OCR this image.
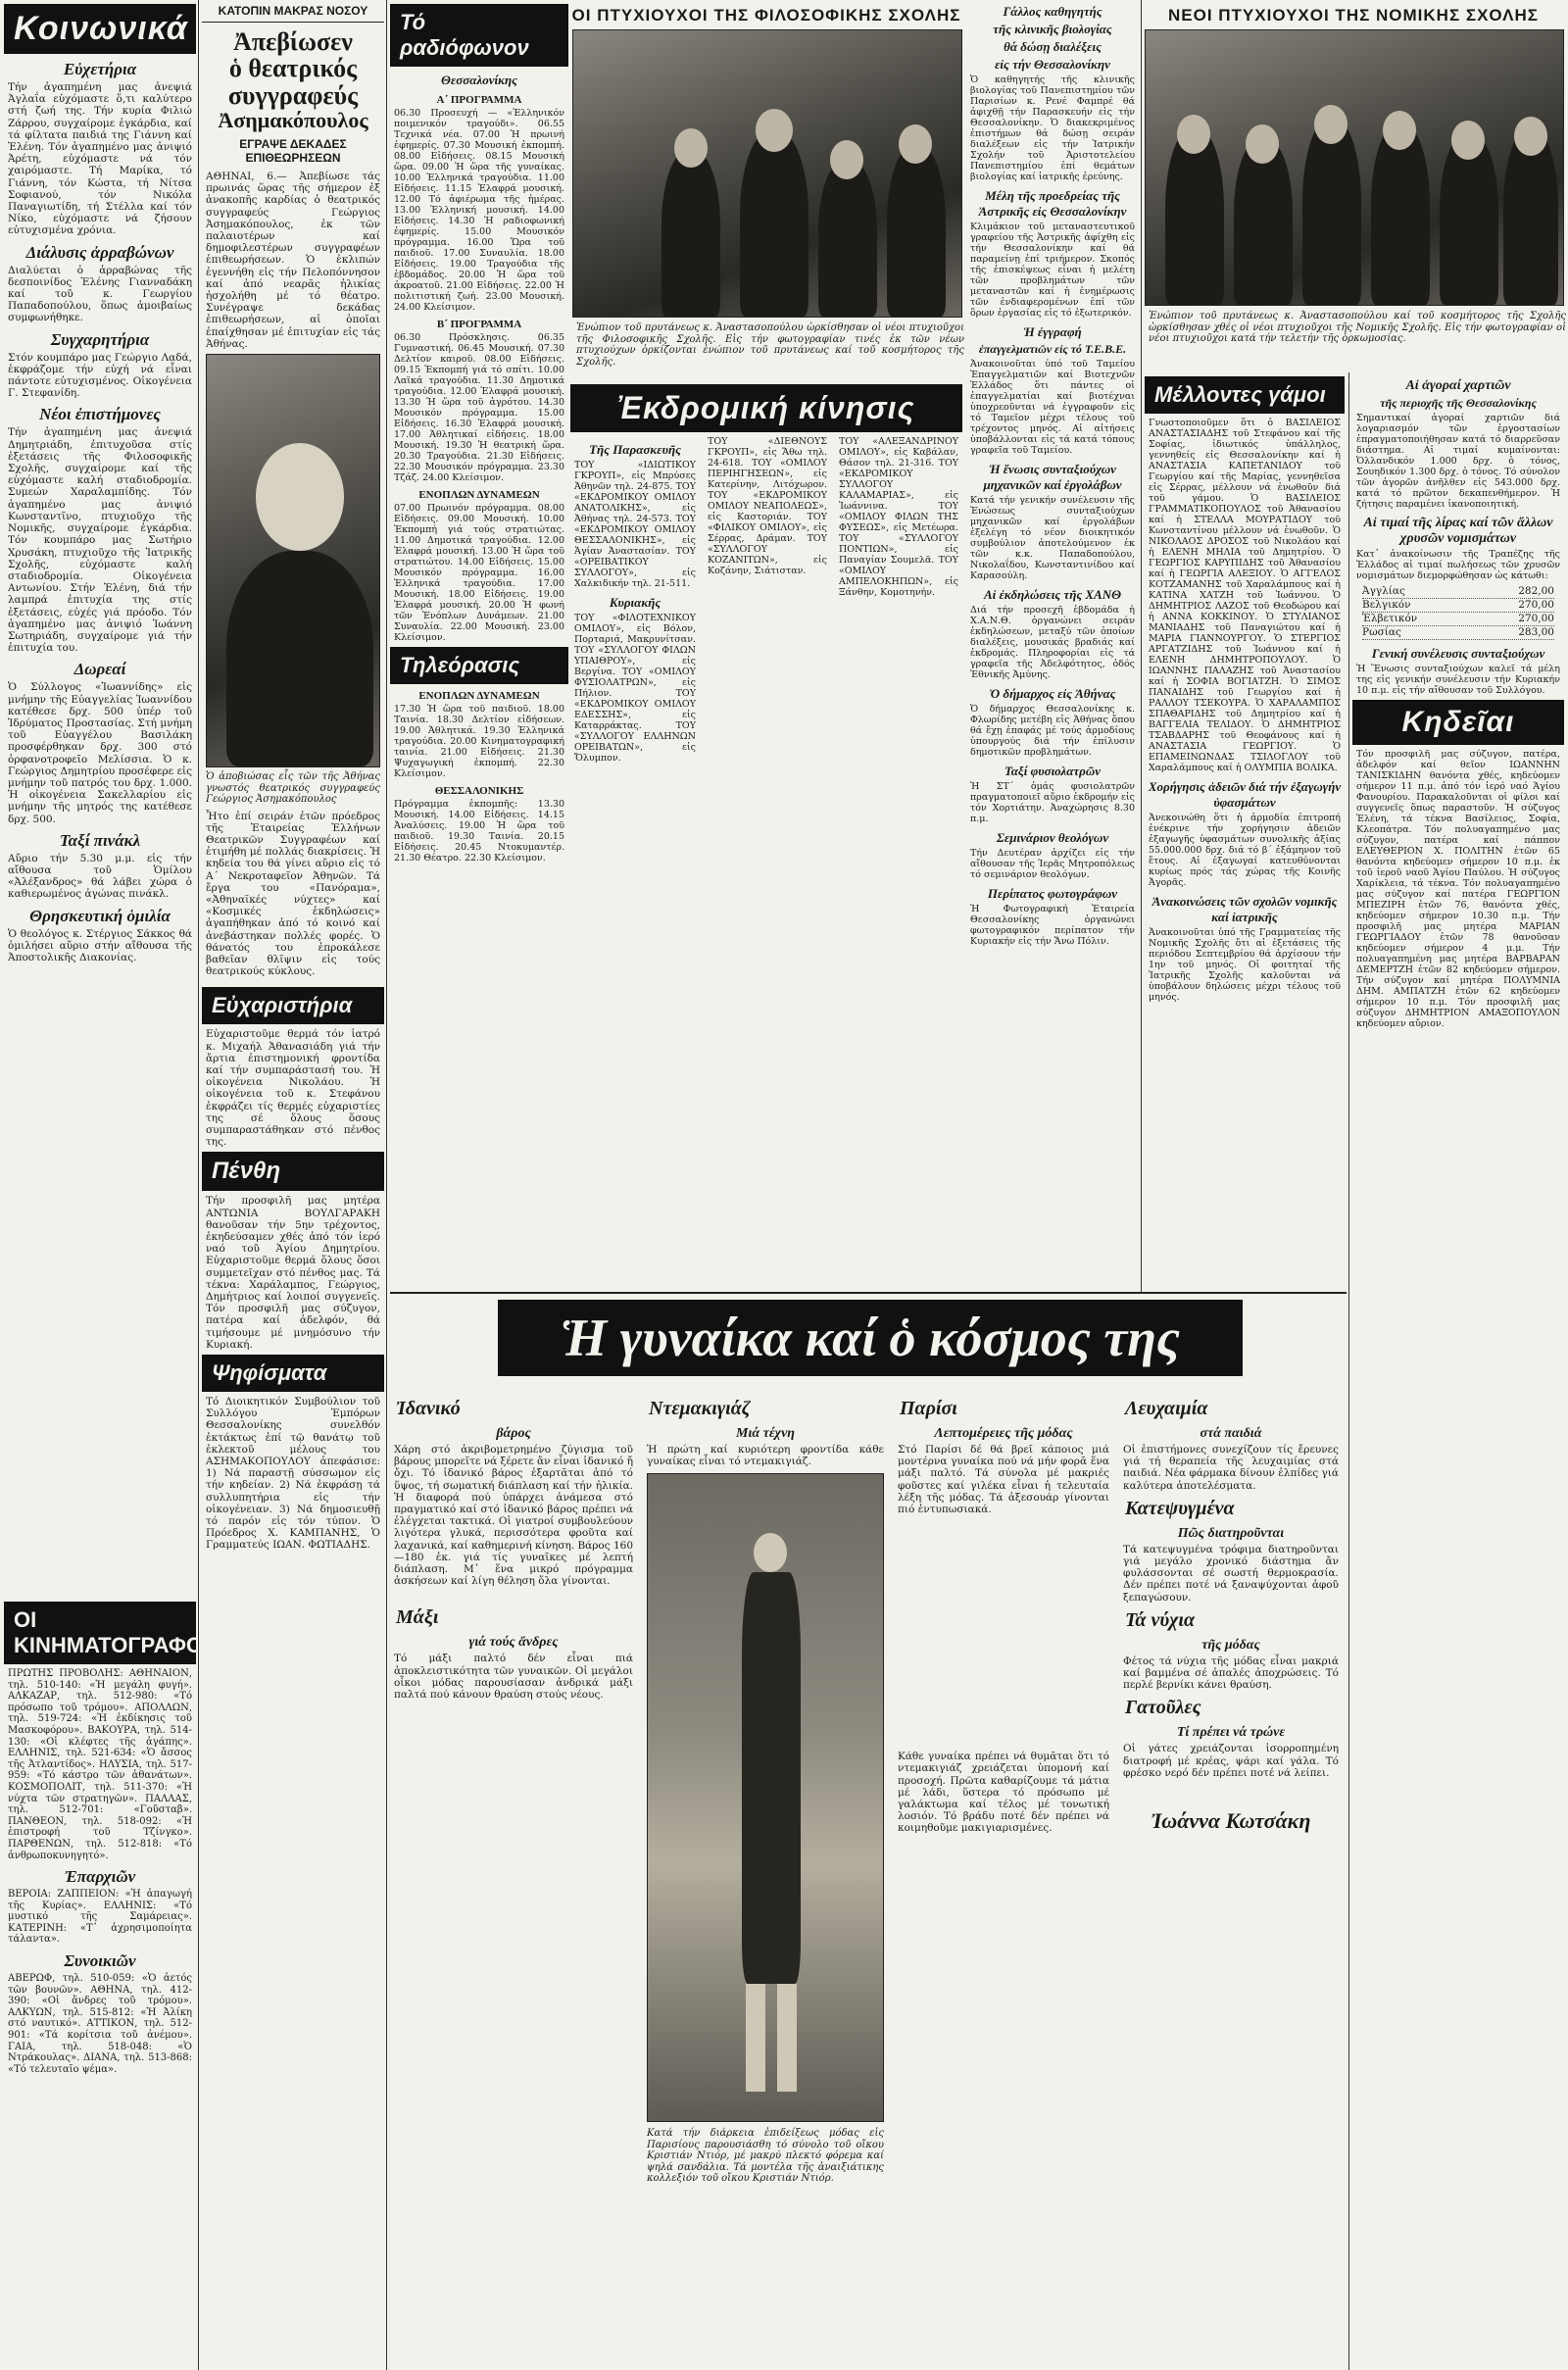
Κοινωνικά
Εὐχετήρια
Τήν ἀγαπημένη μας ἀνεψιά Ἀγλαΐα εὐχόμαστε ὅ,τι καλύτερο στή ζωή της. Τήν κυρία Φιλιώ Ζάρρου, συγχαίρομε ἐγκάρδια, καί τά φίλτατα παιδιά της Γιάννη καί Ἐλένη. Τόν ἀγαπημένο μας ἀνιψιό Ἀρέτη, εὐχόμαστε νά τόν χαιρόμαστε. Τή Μαρίκα, τό Γιάννη, τόν Κώστα, τή Νίτσα Σοφιανού, τόν Νικόλα Παναγιωτίδη, τή Στέλλα καί τόν Νίκο, εὐχόμαστε νά ζήσουν εὐτυχισμένα χρόνια.
Διάλυσις ἀρραβώνων
Διαλύεται ὁ ἀρραβώνας τῆς δεσποινίδος Ἐλένης Γιανναδάκη καί τοῦ κ. Γεωργίου Παπαδοπούλου, ὅπως ἀμοιβαίως συμφωνήθηκε.
Συγχαρητήρια
Στόν κουμπάρο μας Γεώργιο Λαδά, ἐκφράζομε τήν εὐχή νά εἶναι πάντοτε εὐτυχισμένος. Οἰκογένεια Γ. Στεφανίδη.
Νέοι ἐπιστήμονες
Τήν ἀγαπημένη μας ἀνεψιά Δημητριάδη, ἐπιτυχοῦσα στίς ἐξετάσεις τῆς Φιλοσοφικῆς Σχολῆς, συγχαίρομε καί τῆς εὐχόμαστε καλή σταδιοδρομία. Συμεών Χαραλαμπίδης. Τόν ἀγαπημένο μας ἀνιψιό Κωνσταντῖνο, πτυχιοῦχο τῆς Νομικῆς, συγχαίρομε ἐγκάρδια. Τόν κουμπάρο μας Σωτήριο Χρυσάκη, πτυχιοῦχο τῆς Ἰατρικῆς Σχολῆς, εὐχόμαστε καλή σταδιοδρομία. Οἰκογένεια Αντωνίου. Στήν Ἐλένη, διά τήν λαμπρά ἐπιτυχία της στίς ἐξετάσεις, εὐχές γιά πρόοδο. Τόν ἀγαπημένο μας ἀνιψιό Ἰωάννη Σωτηριάδη, συγχαίρομε γιά τήν ἐπιτυχία του.
Δωρεαί
Ὁ Σύλλογος «Ἰωαννίδης» εἰς μνήμην τῆς Εὐαγγελίας Ἰωαννίδου κατέθεσε δρχ. 500 ὑπέρ τοῦ Ἱδρύματος Προστασίας. Στή μνήμη τοῦ Εὐαγγέλου Βασιλάκη προσφέρθηκαν δρχ. 300 στό ὀρφανοτροφεῖο Μελίσσια. Ὁ κ. Γεώργιος Δημητρίου προσέφερε εἰς μνήμην τοῦ πατρός του δρχ. 1.000. Ἡ οἰκογένεια Σακελλαρίου εἰς μνήμην τῆς μητρός της κατέθεσε δρχ. 500.
Ταξί πινάκλ
Αὔριο τήν 5.30 μ.μ. εἰς τήν αἴθουσα τοῦ Ὁμίλου «Ἀλέξανδρος» θά λάβει χώρα ὁ καθιερωμένος ἀγώνας πινάκλ.
Θρησκευτική ὁμιλία
Ὁ θεολόγος κ. Στέργιος Σάκκος θά ὁμιλήσει αὔριο στήν αἴθουσα τῆς Ἀποστολικῆς Διακονίας.
ΟΙ ΚΙΝΗΜΑΤΟΓΡΑΦΟΙ
ΠΡΩΤΗΣ ΠΡΟΒΟΛΗΣ: ΑΘΗΝΑΙΟΝ, τηλ. 510-140: «Ἡ μεγάλη φυγή». ΑΛΚΑΖΑΡ, τηλ. 512-980: «Τό πρόσωπο τοῦ τρόμου». ΑΠΟΛΛΩΝ, τηλ. 519-724: «Ἡ ἐκδίκησις τοῦ Μασκοφόρου». ΒΑΚΟΥΡΑ, τηλ. 514-130: «Οἱ κλέφτες τῆς ἀγάπης». ΕΛΛΗΝΙΣ, τηλ. 521-634: «Ὁ ἄσσος τῆς Ἀτλαντίδος». ΗΛΥΣΙΑ, τηλ. 517-959: «Τό κάστρο τῶν ἀθανάτων». ΚΟΣΜΟΠΟΛΙΤ, τηλ. 511-370: «Ἡ νύχτα τῶν στρατηγῶν». ΠΑΛΛΑΣ, τηλ. 512-701: «Γοῦσταβ». ΠΑΝΘΕΟΝ, τηλ. 518-092: «Ἡ ἐπιστροφή τοῦ Τζίνγκο». ΠΑΡΘΕΝΩΝ, τηλ. 512-818: «Τό ἀνθρωποκυνηγητό».
Ἐπαρχιῶν
ΒΕΡΟΙΑ: ΖΑΠΠΕΙΟΝ: «Ἡ ἀπαγωγή τῆς Κυρίας». ΕΛΛΗΝΙΣ: «Τό μυστικό τῆς Σαμάρειας». ΚΑΤΕΡΙΝΗ: «Τ᾽ ἀχρησιμοποίητα τάλαντα».
Συνοικιῶν
ΑΒΕΡΩΦ, τηλ. 510-059: «Ὁ ἀετός τῶν βουνῶν». ΑΘΗΝΑ, τηλ. 412-390: «Οἱ ἄνδρες τοῦ τρόμου». ΑΛΚΥΩΝ, τηλ. 515-812: «Ἡ Ἀλίκη στό ναυτικό». ΑΤΤΙΚΟΝ, τηλ. 512-901: «Τά κορίτσια τοῦ ἀνέμου». ΓΑΙΑ, τηλ. 518-048: «Ὁ Ντράκουλας». ΔΙΑΝΑ, τηλ. 513-868: «Τό τελευταῖο ψέμα».
ΚΑΤΟΠΙΝ ΜΑΚΡΑΣ ΝΟΣΟΥ
Ἀπεβίωσεν
ὁ θεατρικός
συγγραφεύς
Ἀσημακόπουλος
ΕΓΡΑΨΕ ΔΕΚΑΔΕΣ ΕΠΙΘΕΩΡΗΣΕΩΝ
ΑΘΗΝΑΙ, 6.— Ἀπεβίωσε τάς πρωινάς ὥρας τῆς σήμερον ἐξ ἀνακοπῆς καρδίας ὁ θεατρικός συγγραφεύς Γεώργιος Ἀσημακόπουλος, ἐκ τῶν παλαιοτέρων καί δημοφιλεστέρων συγγραφέων ἐπιθεωρήσεων. Ὁ ἐκλιπών ἐγεννήθη εἰς τήν Πελοπόννησον καί ἀπό νεαρᾶς ἡλικίας ἠσχολήθη μέ τό θέατρο. Συνέγραψε δεκάδας ἐπιθεωρήσεων, αἱ ὁποῖαι ἐπαίχθησαν μέ ἐπιτυχίαν εἰς τάς Ἀθήνας.
Ὁ ἀποβιώσας εἷς τῶν τῆς Ἀθήνας γνωστός θεατρικός συγγραφεύς Γεώργιος Ἀσημακόπουλος
Ἦτο ἐπί σειράν ἐτῶν πρόεδρος τῆς Ἑταιρείας Ἑλλήνων Θεατρικῶν Συγγραφέων καί ἐτιμήθη μέ πολλάς διακρίσεις. Ἡ κηδεία του θά γίνει αὔριο εἰς τό Α΄ Νεκροταφεῖον Ἀθηνῶν. Τά ἔργα του «Πανόραμα», «Ἀθηναϊκές νύχτες» καί «Κοσμικές ἐκδηλώσεις» ἀγαπήθηκαν ἀπό τό κοινό καί ἀνεβάστηκαν πολλές φορές. Ὁ θάνατός του ἐπροκάλεσε βαθεῖαν θλῖψιν εἰς τούς θεατρικούς κύκλους.
Εὐχαριστήρια
Εὐχαριστοῦμε θερμά τόν ἰατρό κ. Μιχαήλ Ἀθανασιάδη γιά τήν ἄρτια ἐπιστημονική φροντίδα καί τήν συμπαράστασή του. Ἡ οἰκογένεια Νικολάου. Ἡ οἰκογένεια τοῦ κ. Στεφάνου ἐκφράζει τίς θερμές εὐχαριστίες της σέ ὅλους ὅσους συμπαραστάθηκαν στό πένθος της.
Πένθη
Τήν προσφιλῆ μας μητέρα ΑΝΤΩΝΙΑ ΒΟΥΛΓΑΡΑΚΗ θανοῦσαν τήν 5ην τρέχοντος, ἐκηδεύσαμεν χθές ἀπό τόν ἱερό ναό τοῦ Ἁγίου Δημητρίου. Εὐχαριστοῦμε θερμά ὅλους ὅσοι συμμετεῖχαν στό πένθος μας. Τά τέκνα: Χαράλαμπος, Γεώργιος, Δημήτριος καί λοιποί συγγενεῖς. Τόν προσφιλῆ μας σύζυγον, πατέρα καί ἀδελφόν, θά τιμήσουμε μέ μνημόσυνο τήν Κυριακή.
Ψηφίσματα
Τό Διοικητικόν Συμβούλιον τοῦ Συλλόγου Ἐμπόρων Θεσσαλονίκης συνελθόν ἐκτάκτως ἐπί τῷ θανάτῳ τοῦ ἐκλεκτοῦ μέλους του ΑΣΗΜΑΚΟΠΟΥΛΟΥ ἀπεφάσισε: 1) Νά παραστῇ σύσσωμον εἰς τήν κηδείαν. 2) Νά ἐκφράσῃ τά συλλυπητήρια εἰς τήν οἰκογένειαν. 3) Νά δημοσιευθῇ τό παρόν εἰς τόν τύπον. Ὁ Πρόεδρος Χ. ΚΑΜΠΑΝΗΣ, Ὁ Γραμματεύς ΙΩΑΝ. ΦΩΤΙΑΔΗΣ.
Τό ραδιόφωνον
Θεσσαλονίκης
Α΄ ΠΡΟΓΡΑΜΜΑ
06.30 Προσευχή — «Ἑλληνικόν ποιμενικόν τραγούδι». 06.55 Τεχνικά νέα. 07.00 Ἡ πρωινή ἐφημερίς. 07.30 Μουσική ἐκπομπή. 08.00 Εἰδήσεις. 08.15 Μουσική ὥρα. 09.00 Ἡ ὥρα τῆς γυναίκας. 10.00 Ἑλληνικά τραγούδια. 11.00 Εἰδήσεις. 11.15 Ἐλαφρά μουσική. 12.00 Τό ἀφιέρωμα τῆς ἡμέρας. 13.00 Ἑλληνική μουσική. 14.00 Εἰδήσεις. 14.30 Ἡ ραδιοφωνική ἐφημερίς. 15.00 Μουσικόν πρόγραμμα. 16.00 Ὥρα τοῦ παιδιοῦ. 17.00 Συναυλία. 18.00 Εἰδήσεις. 19.00 Τραγούδια τῆς ἑβδομάδος. 20.00 Ἡ ὥρα τοῦ ἀκροατοῦ. 21.00 Εἰδήσεις. 22.00 Ἡ πολιτιστική ζωή. 23.00 Μουσική. 24.00 Κλείσιμον.
Β΄ ΠΡΟΓΡΑΜΜΑ
06.30 Πρόσκλησις. 06.35 Γυμναστική. 06.45 Μουσική. 07.30 Δελτίον καιροῦ. 08.00 Εἰδήσεις. 09.15 Ἐκπομπή γιά τό σπίτι. 10.00 Λαϊκά τραγούδια. 11.30 Δημοτικά τραγούδια. 12.00 Ἐλαφρά μουσική. 13.30 Ἡ ὥρα τοῦ ἀγρότου. 14.30 Μουσικόν πρόγραμμα. 15.00 Εἰδήσεις. 16.30 Ἐλαφρά μουσική. 17.00 Ἀθλητικαί εἰδήσεις. 18.00 Μουσική. 19.30 Ἡ θεατρική ὥρα. 20.30 Τραγούδια. 21.30 Εἰδήσεις. 22.30 Μουσικόν πρόγραμμα. 23.30 Τζάζ. 24.00 Κλείσιμον.
ΕΝΟΠΛΩΝ ΔΥΝΑΜΕΩΝ
07.00 Πρωινόν πρόγραμμα. 08.00 Εἰδήσεις. 09.00 Μουσική. 10.00 Ἐκπομπή γιά τούς στρατιώτας. 11.00 Δημοτικά τραγούδια. 12.00 Ἐλαφρά μουσική. 13.00 Ἡ ὥρα τοῦ στρατιώτου. 14.00 Εἰδήσεις. 15.00 Μουσικόν πρόγραμμα. 16.00 Ἑλληνικά τραγούδια. 17.00 Μουσική. 18.00 Εἰδήσεις. 19.00 Ἐλαφρά μουσική. 20.00 Ἡ φωνή τῶν Ἐνόπλων Δυνάμεων. 21.00 Συναυλία. 22.00 Μουσική. 23.00 Κλείσιμον.
Τηλεόρασις
ΕΝΟΠΛΩΝ ΔΥΝΑΜΕΩΝ
17.30 Ἡ ὥρα τοῦ παιδιοῦ. 18.00 Ταινία. 18.30 Δελτίον εἰδήσεων. 19.00 Ἀθλητικά. 19.30 Ἑλληνικά τραγούδια. 20.00 Κινηματογραφική ταινία. 21.00 Εἰδήσεις. 21.30 Ψυχαγωγική ἐκπομπή. 22.30 Κλείσιμον.
ΘΕΣΣΑΛΟΝΙΚΗΣ
Πρόγραμμα ἐκπομπῆς: 13.30 Μουσική. 14.00 Εἰδήσεις. 14.15 Ἀναλύσεις. 19.00 Ἡ ὥρα τοῦ παιδιοῦ. 19.30 Ταινία. 20.15 Εἰδήσεις. 20.45 Ντοκυμαντέρ. 21.30 Θέατρο. 22.30 Κλείσιμον.
ΟΙ ΠΤΥΧΙΟΥΧΟΙ ΤΗΣ ΦΙΛΟΣΟΦΙΚΗΣ ΣΧΟΛΗΣ
Ἐνώπιον τοῦ πρυτάνεως κ. Ἀναστασοπούλου ὡρκίσθησαν οἱ νέοι πτυχιοῦχοι τῆς Φιλοσοφικῆς Σχολῆς. Εἰς τήν φωτογραφίαν τινές ἐκ τῶν νέων πτυχιούχων ὁρκίζονται ἐνώπιον τοῦ πρυτάνεως καί τοῦ κοσμήτορος τῆς Σχολῆς.
Ἐκδρομική κίνησις
Τῆς Παρασκευῆς
ΤΟΥ «ΙΔΙΩΤΙΚΟΥ ΓΚΡΟΥΠ», εἰς Μπρύσες Ἀθηνῶν τηλ. 24-875. ΤΟΥ «ΕΚΔΡΟΜΙΚΟΥ ΟΜΙΛΟΥ ΑΝΑΤΟΛΙΚΗΣ», εἰς Ἀθήνας τηλ. 24-573. ΤΟΥ «ΕΚΔΡΟΜΙΚΟΥ ΟΜΙΛΟΥ ΘΕΣΣΑΛΟΝΙΚΗΣ», εἰς Ἁγίαν Ἀναστασίαν. ΤΟΥ «ΟΡΕΙΒΑΤΙΚΟΥ ΣΥΛΛΟΓΟΥ», εἰς Χαλκιδικήν τηλ. 21-511.
Κυριακῆς
ΤΟΥ «ΦΙΛΟΤΕΧΝΙΚΟΥ ΟΜΙΛΟΥ», εἰς Βόλον, Πορταριά, Μακρυνίτσαν. ΤΟΥ «ΣΥΛΛΟΓΟΥ ΦΙΛΩΝ ΥΠΑΙΘΡΟΥ», εἰς Βεργίνα. ΤΟΥ «ΟΜΙΛΟΥ ΦΥΣΙΟΛΑΤΡΩΝ», εἰς Πήλιον. ΤΟΥ «ΕΚΔΡΟΜΙΚΟΥ ΟΜΙΛΟΥ ΕΔΕΣΣΗΣ», εἰς Καταρράκτας. ΤΟΥ «ΣΥΛΛΟΓΟΥ ΕΛΛΗΝΩΝ ΟΡΕΙΒΑΤΩΝ», εἰς Ὄλυμπον.
ΤΟΥ «ΔΙΕΘΝΟΥΣ ΓΚΡΟΥΠ», εἰς Ἄθω τηλ. 24-618. ΤΟΥ «ΟΜΙΛΟΥ ΠΕΡΙΗΓΗΣΕΩΝ», εἰς Κατερίνην, Λιτόχωρον. ΤΟΥ «ΕΚΔΡΟΜΙΚΟΥ ΟΜΙΛΟΥ ΝΕΑΠΟΛΕΩΣ», εἰς Καστοριάν. ΤΟΥ «ΦΙΛΙΚΟΥ ΟΜΙΛΟΥ», εἰς Σέρρας, Δράμαν. ΤΟΥ «ΣΥΛΛΟΓΟΥ ΚΟΖΑΝΙΤΩΝ», εἰς Κοζάνην, Σιάτισταν.
ΤΟΥ «ΑΛΕΞΑΝΔΡΙΝΟΥ ΟΜΙΛΟΥ», εἰς Καβάλαν, Θάσον τηλ. 21-316. ΤΟΥ «ΕΚΔΡΟΜΙΚΟΥ ΣΥΛΛΟΓΟΥ ΚΑΛΑΜΑΡΙΑΣ», εἰς Ἰωάννινα. ΤΟΥ «ΟΜΙΛΟΥ ΦΙΛΩΝ ΤΗΣ ΦΥΣΕΩΣ», εἰς Μετέωρα. ΤΟΥ «ΣΥΛΛΟΓΟΥ ΠΟΝΤΙΩΝ», εἰς Παναγίαν Σουμελᾶ. ΤΟΥ «ΟΜΙΛΟΥ ΑΜΠΕΛΟΚΗΠΩΝ», εἰς Ξάνθην, Κομοτηνήν.
Γάλλος καθηγητής
τῆς κλινικῆς βιολογίας
θά δώσῃ διαλέξεις
εἰς τήν Θεσσαλονίκην
Ὁ καθηγητής τῆς κλινικῆς βιολογίας τοῦ Πανεπιστημίου τῶν Παρισίων κ. Ρενέ Φαμπρέ θά ἀφιχθῇ τήν Παρασκευήν εἰς τήν Θεσσαλονίκην. Ὁ διακεκριμένος ἐπιστήμων θά δώσῃ σειράν διαλέξεων εἰς τήν Ἰατρικήν Σχολήν τοῦ Ἀριστοτελείου Πανεπιστημίου ἐπί θεμάτων βιολογίας καί ἰατρικῆς ἐρεύνης.
Μέλη τῆς προεδρείας τῆς Ἀστρικῆς εἰς Θεσσαλονίκην
Κλιμάκιον τοῦ μεταναστευτικοῦ γραφείου τῆς Ἀστρικῆς ἀφίχθη εἰς τήν Θεσσαλονίκην καί θά παραμείνῃ ἐπί τριήμερον. Σκοπός τῆς ἐπισκέψεως εἶναι ἡ μελέτη τῶν προβλημάτων τῶν μεταναστῶν καί ἡ ἐνημέρωσις τῶν ἐνδιαφερομένων ἐπί τῶν ὅρων ἐργασίας εἰς τό ἐξωτερικόν.
Ἡ ἐγγραφή
ἐπαγγελματιῶν εἰς τό Τ.Ε.Β.Ε.
Ἀνακοινοῦται ὑπό τοῦ Ταμείου Ἐπαγγελματιῶν καί Βιοτεχνῶν Ἑλλάδος ὅτι πάντες οἱ ἐπαγγελματίαι καί βιοτέχναι ὑποχρεοῦνται νά ἐγγραφοῦν εἰς τό Ταμεῖον μέχρι τέλους τοῦ τρέχοντος μηνός. Αἱ αἰτήσεις ὑποβάλλονται εἰς τά κατά τόπους γραφεῖα τοῦ Ταμείου.
Ἡ ἔνωσις συνταξιούχων μηχανικῶν καί ἐργολάβων
Κατά τήν γενικήν συνέλευσιν τῆς Ἑνώσεως συνταξιούχων μηχανικῶν καί ἐργολάβων ἐξελέγη τό νέον διοικητικόν συμβούλιον ἀποτελούμενον ἐκ τῶν κ.κ. Παπαδοπούλου, Νικολαΐδου, Κωνσταντινίδου καί Καρασούλη.
Αἱ ἐκδηλώσεις τῆς ΧΑΝΘ
Διά τήν προσεχῆ ἑβδομάδα ἡ Χ.Α.Ν.Θ. ὀργανώνει σειράν ἐκδηλώσεων, μεταξύ τῶν ὁποίων διαλέξεις, μουσικάς βραδιάς καί ἐκδρομάς. Πληροφορίαι εἰς τά γραφεῖα τῆς Ἀδελφότητος, ὁδός Ἐθνικῆς Ἀμύνης.
Ὁ δήμαρχος εἰς Ἀθήνας
Ὁ δήμαρχος Θεσσαλονίκης κ. Φλωρίδης μετέβη εἰς Ἀθήνας ὅπου θά ἔχῃ ἐπαφάς μέ τούς ἁρμοδίους ὑπουργούς διά τήν ἐπίλυσιν δημοτικῶν προβλημάτων.
Ταξί φυσιολατρῶν
Ἡ ΣΤ΄ ὁμάς φυσιολατρῶν πραγματοποιεῖ αὔριο ἐκδρομήν εἰς τόν Χορτιάτην. Ἀναχώρησις 8.30 π.μ.
Σεμινάριον θεολόγων
Τήν Δευτέραν ἀρχίζει εἰς τήν αἴθουσαν τῆς Ἱερᾶς Μητροπόλεως τό σεμινάριον θεολόγων.
Περίπατος φωτογράφων
Ἡ Φωτογραφική Ἑταιρεία Θεσσαλονίκης ὀργανώνει φωτογραφικόν περίπατον τήν Κυριακήν εἰς τήν Ἄνω Πόλιν.
ΝΕΟΙ ΠΤΥΧΙΟΥΧΟΙ ΤΗΣ ΝΟΜΙΚΗΣ ΣΧΟΛΗΣ
Ἐνώπιον τοῦ πρυτάνεως κ. Ἀναστασοπούλου καί τοῦ κοσμήτορος τῆς Σχολῆς ὡρκίσθησαν χθές οἱ νέοι πτυχιοῦχοι τῆς Νομικῆς Σχολῆς. Εἰς τήν φωτογραφίαν οἱ νέοι πτυχιοῦχοι κατά τήν τελετήν τῆς ὁρκωμοσίας.
Μέλλοντες γάμοι
Γνωστοποιοῦμεν ὅτι ὁ ΒΑΣΙΛΕΙΟΣ ΑΝΑΣΤΑΣΙΑΔΗΣ τοῦ Στεφάνου καί τῆς Σοφίας, ἰδιωτικός ὑπάλληλος, γεννηθείς εἰς Θεσσαλονίκην καί ἡ ΑΝΑΣΤΑΣΙΑ ΚΑΠΕΤΑΝΙΔΟΥ τοῦ Γεωργίου καί τῆς Μαρίας, γεννηθεῖσα εἰς Σέρρας, μέλλουν νά ἑνωθοῦν διά τοῦ γάμου. Ὁ ΒΑΣΙΛΕΙΟΣ ΓΡΑΜΜΑΤΙΚΟΠΟΥΛΟΣ τοῦ Ἀθανασίου καί ἡ ΣΤΕΛΛΑ ΜΟΥΡΑΤΙΔΟΥ τοῦ Κωνσταντίνου μέλλουν νά ἑνωθοῦν. Ὁ ΝΙΚΟΛΑΟΣ ΔΡΟΣΟΣ τοῦ Νικολάου καί ἡ ΕΛΕΝΗ ΜΗΛΙΑ τοῦ Δημητρίου. Ὁ ΓΕΩΡΓΙΟΣ ΚΑΡΥΠΙΔΗΣ τοῦ Ἀθανασίου καί ἡ ΓΕΩΡΓΙΑ ΑΛΕΞΙΟΥ. Ὁ ΑΓΓΕΛΟΣ ΚΟΤΖΑΜΑΝΗΣ τοῦ Χαραλάμπους καί ἡ ΚΑΤΙΝΑ ΧΑΤΖΗ τοῦ Ἰωάννου. Ὁ ΔΗΜΗΤΡΙΟΣ ΛΑΖΟΣ τοῦ Θεοδώρου καί ἡ ΑΝΝΑ ΚΟΚΚΙΝΟΥ. Ὁ ΣΤΥΛΙΑΝΟΣ ΜΑΝΙΑΔΗΣ τοῦ Παναγιώτου καί ἡ ΜΑΡΙΑ ΓΙΑΝΝΟΥΡΓΟΥ. Ὁ ΣΤΕΡΓΙΟΣ ΑΡΓΑΤΖΙΔΗΣ τοῦ Ἰωάννου καί ἡ ΕΛΕΝΗ ΔΗΜΗΤΡΟΠΟΥΛΟΥ. Ὁ ΙΩΑΝΝΗΣ ΠΑΛΑΖΗΣ τοῦ Ἀναστασίου καί ἡ ΣΟΦΙΑ ΒΟΓΙΑΤΖΗ. Ὁ ΣΙΜΟΣ ΠΑΝΑΙΔΗΣ τοῦ Γεωργίου καί ἡ ΡΑΛΛΟΥ ΤΣΕΚΟΥΡΑ. Ὁ ΧΑΡΑΛΑΜΠΟΣ ΣΠΑΘΑΡΙΔΗΣ τοῦ Δημητρίου καί ἡ ΒΑΓΓΕΛΙΑ ΤΕΛΙΔΟΥ. Ὁ ΔΗΜΗΤΡΙΟΣ ΤΣΑΒΔΑΡΗΣ τοῦ Θεοφάνους καί ἡ ΑΝΑΣΤΑΣΙΑ ΓΕΩΡΓΙΟΥ. Ὁ ΕΠΑΜΕΙΝΩΝΔΑΣ ΤΣΙΛΟΓΛΟΥ τοῦ Χαραλάμπους καί ἡ ΟΛΥΜΠΙΑ ΒΟΛΙΚΑ.
Χορήγησις ἀδειῶν διά τήν ἐξαγωγήν ὑφασμάτων
Ἀνεκοινώθη ὅτι ἡ ἁρμοδία ἐπιτροπή ἐνέκρινε τήν χορήγησιν ἀδειῶν ἐξαγωγῆς ὑφασμάτων συνολικῆς ἀξίας 55.000.000 δρχ. διά τό β΄ ἑξάμηνον τοῦ ἔτους. Αἱ ἐξαγωγαί κατευθύνονται κυρίως πρός τάς χώρας τῆς Κοινῆς Ἀγορᾶς.
Ἀνακοινώσεις τῶν σχολῶν νομικῆς καί ἰατρικῆς
Ἀνακοινοῦται ὑπό τῆς Γραμματείας τῆς Νομικῆς Σχολῆς ὅτι αἱ ἐξετάσεις τῆς περιόδου Σεπτεμβρίου θά ἀρχίσουν τήν 1ην τοῦ μηνός. Οἱ φοιτηταί τῆς Ἰατρικῆς Σχολῆς καλοῦνται νά ὑποβάλουν δηλώσεις μέχρι τέλους τοῦ μηνός.
Αἱ ἀγοραί χαρτιῶν
τῆς περιοχῆς τῆς Θεσσαλονίκης
Σημαντικαί ἀγοραί χαρτιῶν διά λογαριασμόν τῶν ἐργοστασίων ἐπραγματοποιήθησαν κατά τό διαρρεῦσαν διάστημα. Αἱ τιμαί κυμαίνονται: Ὁλλανδικόν 1.000 δρχ. ὁ τόνος, Σουηδικόν 1.300 δρχ. ὁ τόνος. Τό σύνολον τῶν ἀγορῶν ἀνῆλθεν εἰς 543.000 δρχ. κατά τό πρῶτον δεκαπενθήμερον. Ἡ ζήτησις παραμένει ἱκανοποιητική.
Αἱ τιμαί τῆς λίρας καί τῶν ἄλλων χρυσῶν νομισμάτων
Κατ᾽ ἀνακοίνωσιν τῆς Τραπέζης τῆς Ἑλλάδος αἱ τιμαί πωλήσεως τῶν χρυσῶν νομισμάτων διεμορφώθησαν ὡς κάτωθι:
Ἀγγλίας	282,00
Βελγικόν	270,00
Ἑλβετικόν	270,00
Ρωσίας	283,00
Γενική συνέλευσις συνταξιούχων
Ἡ Ἕνωσις συνταξιούχων καλεῖ τά μέλη της εἰς γενικήν συνέλευσιν τήν Κυριακήν 10 π.μ. εἰς τήν αἴθουσαν τοῦ Συλλόγου.
Κηδεῖαι
Τόν προσφιλῆ μας σύζυγον, πατέρα, ἀδελφόν καί θεῖον ΙΩΑΝΝΗΝ ΤΑΝΙΣΚΙΔΗΝ θανόντα χθές, κηδεύομεν σήμερον 11 π.μ. ἀπό τόν ἱερό ναό Ἁγίου Φανουρίου. Παρακαλοῦνται οἱ φίλοι καί συγγενεῖς ὅπως παραστοῦν. Ἡ σύζυγος Ἑλένη, τά τέκνα Βασίλειος, Σοφία, Κλεοπάτρα. Τόν πολυαγαπημένο μας σύζυγον, πατέρα καί πάππον ΕΛΕΥΘΕΡΙΟΝ Χ. ΠΟΛΙΤΗΝ ἐτῶν 65 θανόντα κηδεύομεν σήμερον 10 π.μ. ἐκ τοῦ ἱεροῦ ναοῦ Ἁγίου Παύλου. Ἡ σύζυγος Χαρίκλεια, τά τέκνα. Τόν πολυαγαπημένο μας σύζυγον καί πατέρα ΓΕΩΡΓΙΟΝ ΜΠΕΖΙΡΗ ἐτῶν 76, θανόντα χθές, κηδεύομεν σήμερον 10.30 π.μ. Τήν προσφιλῆ μας μητέρα ΜΑΡΙΑΝ ΓΕΩΡΓΙΑΔΟΥ ἐτῶν 78 θανοῦσαν κηδεύομεν σήμερον 4 μ.μ. Τήν πολυαγαπημένη μας μητέρα ΒΑΡΒΑΡΑΝ ΔΕΜΕΡΤΖΗ ἐτῶν 82 κηδεύομεν σήμερον. Τήν σύζυγον καί μητέρα ΠΟΛΥΜΝΙΑ ΔΗΜ. ΑΜΠΑΤΖΗ ἐτῶν 62 κηδεύομεν σήμερον 10 π.μ. Τόν προσφιλῆ μας σύζυγον ΔΗΜΗΤΡΙΟΝ ΑΜΑΞΟΠΟΥΛΟΝ κηδεύομεν αὔριον.
Ἡ γυναίκα καί ὁ κόσμος της
Ἰδανικό
βάρος
Χάρη στό ἀκριβομετρημένο ζύγισμα τοῦ βάρους μπορεῖτε νά ξέρετε ἄν εἶναι ἰδανικό ἤ ὄχι. Τό ἰδανικό βάρος ἐξαρτᾶται ἀπό τό ὕψος, τή σωματική διάπλαση καί τήν ἡλικία. Ἡ διαφορά πού ὑπάρχει ἀνάμεσα στό πραγματικό καί στό ἰδανικό βάρος πρέπει νά ἐλέγχεται τακτικά. Οἱ γιατροί συμβουλεύουν λιγότερα γλυκά, περισσότερα φροῦτα καί λαχανικά, καί καθημερινή κίνηση. Βάρος 160—180 ἐκ. γιά τίς γυναῖκες μέ λεπτή διάπλαση. Μ᾽ ἕνα μικρό πρόγραμμα ἀσκήσεων καί λίγη θέληση ὅλα γίνονται.
Μάξι
γιά τούς ἄνδρες
Τό μάξι παλτό δέν εἶναι πιά ἀποκλειστικότητα τῶν γυναικῶν. Οἱ μεγάλοι οἶκοι μόδας παρουσίασαν ἀνδρικά μάξι παλτά πού κάνουν θραύση στούς νέους.
Ντεμακιγιάζ
Μιά τέχνη
Ἡ πρώτη καί κυριότερη φροντίδα κάθε γυναίκας εἶναι τό ντεμακιγιάζ.
Κατά τήν διάρκεια ἐπιδείξεως μόδας εἰς Παρισίους παρουσιάσθη τό σύνολο τοῦ οἴκου Κριστιάν Ντιόρ, μέ μακρύ πλεκτό φόρεμα καί ψηλά σανδάλια. Τά μοντέλα τῆς ἀναιξιάτικης κολλεξιόν τοῦ οἴκου Κριστιάν Ντιόρ.
Παρίσι
Λεπτομέρειες τῆς μόδας
Στό Παρίσι δέ θά βρεῖ κάποιος μιά μοντέρνα γυναίκα πού νά μήν φορᾶ ἕνα μάξι παλτό. Τά σύνολα μέ μακριές φοῦστες καί γιλέκα εἶναι ἡ τελευταία λέξη τῆς μόδας. Τά ἀξεσουάρ γίνονται πιό ἐντυπωσιακά.
Κάθε γυναίκα πρέπει νά θυμᾶται ὅτι τό ντεμακιγιάζ χρειάζεται ὑπομονή καί προσοχή. Πρῶτα καθαρίζουμε τά μάτια μέ λάδι, ὕστερα τό πρόσωπο μέ γαλάκτωμα καί τέλος μέ τονωτική λοσιόν. Τό βράδυ ποτέ δέν πρέπει νά κοιμηθοῦμε μακιγιαρισμένες.
Λευχαιμία
στά παιδιά
Οἱ ἐπιστήμονες συνεχίζουν τίς ἔρευνες γιά τή θεραπεία τῆς λευχαιμίας στά παιδιά. Νέα φάρμακα δίνουν ἐλπίδες γιά καλύτερα ἀποτελέσματα.
Κατεψυγμένα
Πῶς διατηροῦνται
Τά κατεψυγμένα τρόφιμα διατηροῦνται γιά μεγάλο χρονικό διάστημα ἄν φυλάσσονται σέ σωστή θερμοκρασία. Δέν πρέπει ποτέ νά ξαναψύχονται ἀφοῦ ξεπαγώσουν.
Τά νύχια
τῆς μόδας
Φέτος τά νύχια τῆς μόδας εἶναι μακριά καί βαμμένα σέ ἀπαλές ἀποχρώσεις. Τό περλέ βερνίκι κάνει θραύση.
Γατοῦλες
Τί πρέπει νά τρώνε
Οἱ γάτες χρειάζονται ἰσορροπημένη διατροφή μέ κρέας, ψάρι καί γάλα. Τό φρέσκο νερό δέν πρέπει ποτέ νά λείπει.
Ἰωάννα Κωτσάκη
